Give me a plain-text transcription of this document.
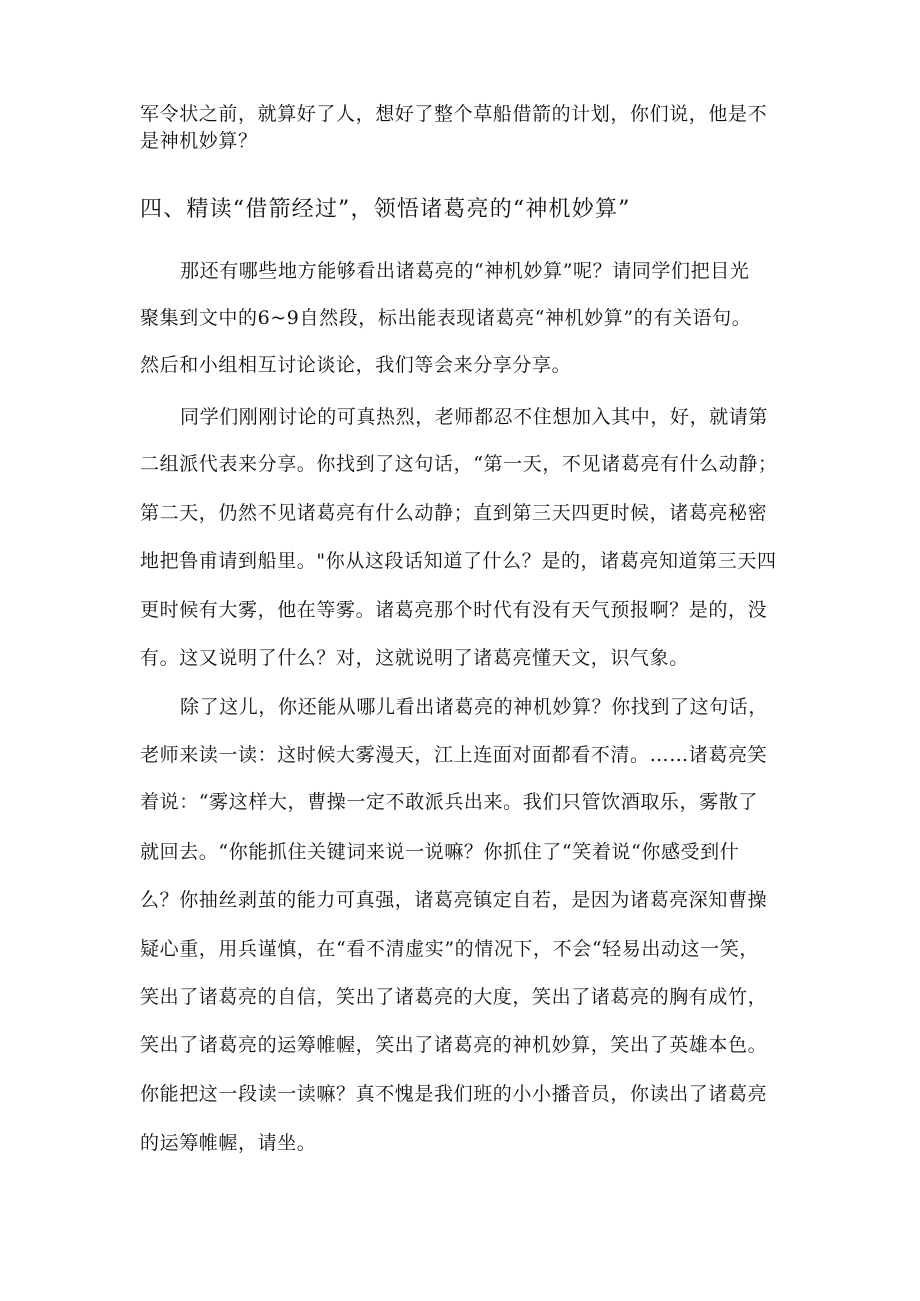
军令状之前，就算好了人，想好了整个草船借箭的计划，你们说，他是不
是神机妙算？
四、精读“借箭经过”，领悟诸葛亮的“神机妙算”
那还有哪些地方能够看出诸葛亮的“神机妙算”呢？请同学们把目光
聚集到文中的6~9自然段，标出能表现诸葛亮“神机妙算”的有关语句。
然后和小组相互讨论谈论，我们等会来分享分享。
同学们刚刚讨论的可真热烈，老师都忍不住想加入其中，好，就请第
二组派代表来分享。你找到了这句话，“第一天，不见诸葛亮有什么动静；
第二天，仍然不见诸葛亮有什么动静；直到第三天四更时候，诸葛亮秘密
地把鲁甫请到船里。"你从这段话知道了什么？是的，诸葛亮知道第三天四
更时候有大雾，他在等雾。诸葛亮那个时代有没有天气预报啊？是的，没
有。这又说明了什么？对，这就说明了诸葛亮懂天文，识气象。
除了这儿，你还能从哪儿看出诸葛亮的神机妙算？你找到了这句话，
老师来读一读：这时候大雾漫天，江上连面对面都看不清。……诸葛亮笑
着说：“雾这样大，曹操一定不敢派兵出来。我们只管饮酒取乐，雾散了
就回去。“你能抓住关键词来说一说嘛？你抓住了“笑着说“你感受到什
么？你抽丝剥茧的能力可真强，诸葛亮镇定自若，是因为诸葛亮深知曹操
疑心重，用兵谨慎，在“看不清虚实”的情况下，不会“轻易出动这一笑，
笑出了诸葛亮的自信，笑出了诸葛亮的大度，笑出了诸葛亮的胸有成竹，
笑出了诸葛亮的运筹帷幄，笑出了诸葛亮的神机妙算，笑出了英雄本色。
你能把这一段读一读嘛？真不愧是我们班的小小播音员，你读出了诸葛亮
的运筹帷幄，请坐。
